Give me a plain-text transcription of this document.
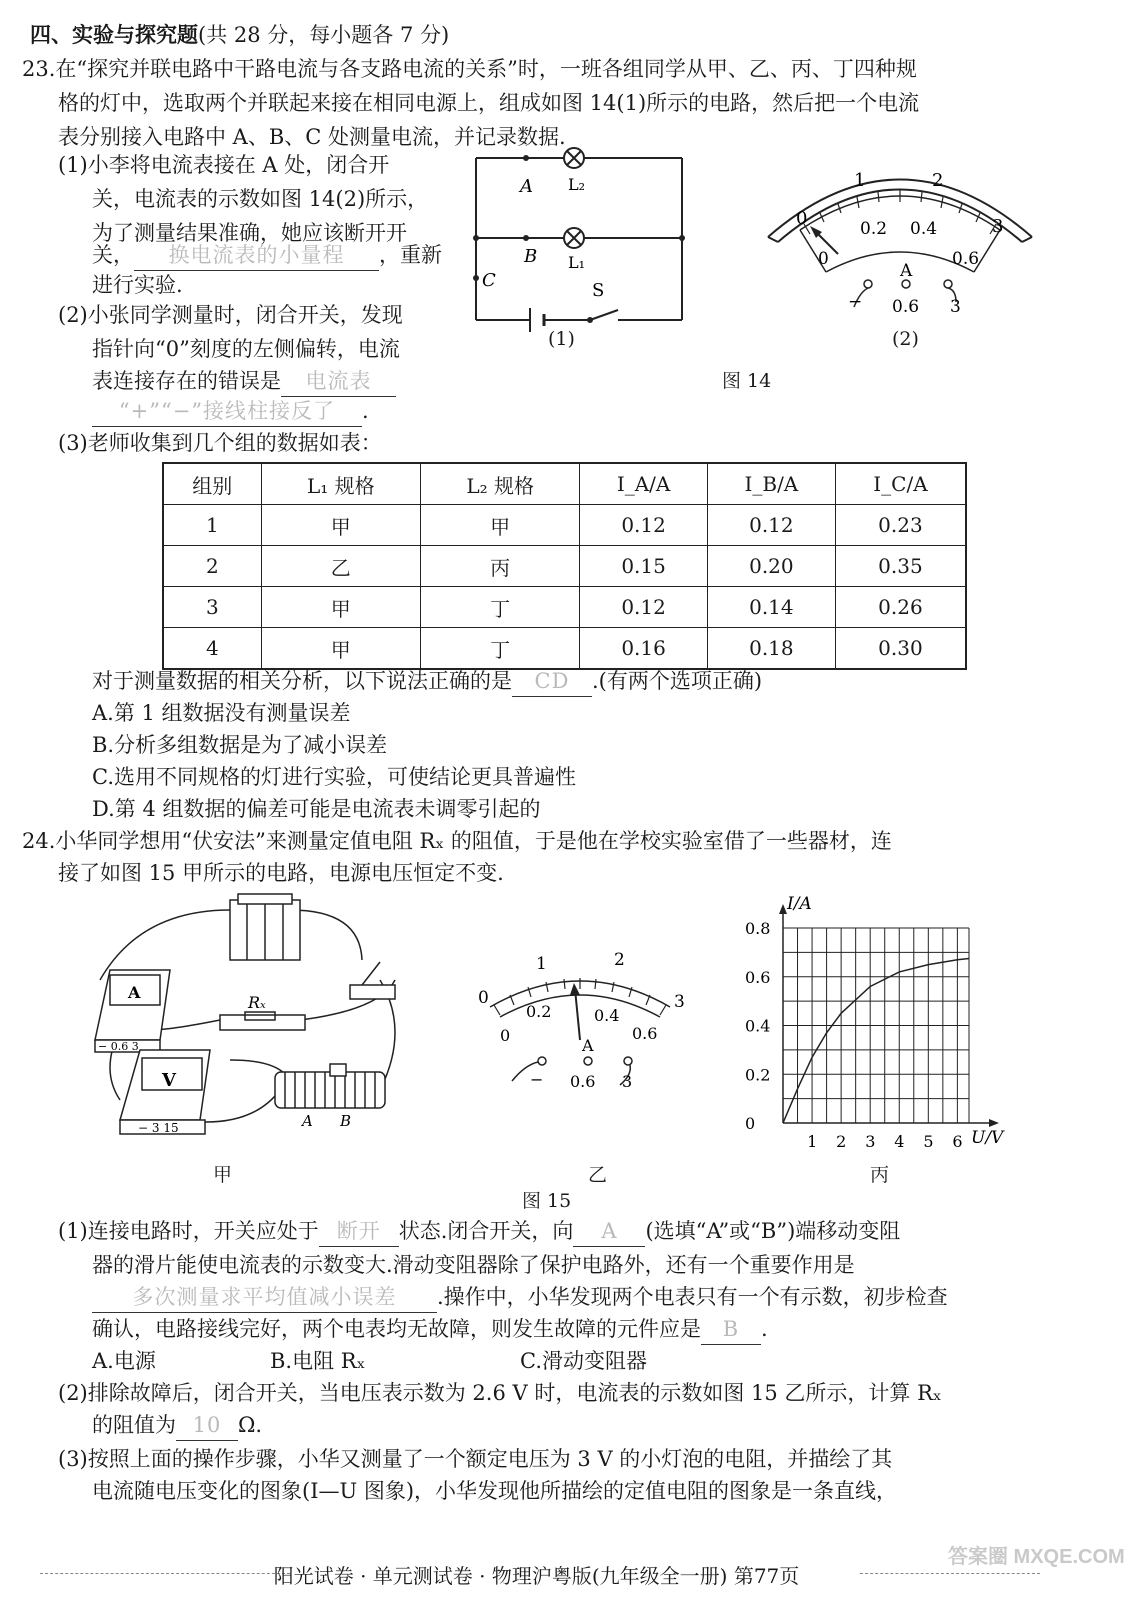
四、实验与探究题(共 28 分，每小题各 7 分)
23.在“探究并联电路中干路电流与各支路电流的关系”时，一班各组同学从甲、乙、丙、丁四种规
格的灯中，选取两个并联起来接在相同电源上，组成如图 14(1)所示的电路，然后把一个电流
表分别接入电路中 A、B、C 处测量电流，并记录数据.
(1)小李将电流表接在 A 处，闭合开
关，电流表的示数如图 14(2)所示，
为了测量结果准确，她应该断开开
关， 换电流表的小量程 ，重新
进行实验.
(2)小张同学测量时，闭合开关，发现
指针向“0”刻度的左侧偏转，电流
表连接存在的错误是 电流表
“+”“−”接线柱接反了 .
A L₂
B L₁
C	S
(1)
0
1	2
3
0
0.2 0.4
0.6
A
− 0.6 3
(2)
图 14
(3)老师收集到几个组的数据如表：
组别	L₁ 规格	L₂ 规格	I_A/A	I_B/A	I_C/A
1	甲	甲	0.12	0.12	0.23
2	乙	丙	0.15	0.20	0.35
3	甲	丁	0.12	0.14	0.26
4	甲	丁	0.16	0.18	0.30
对于测量数据的相关分析，以下说法正确的是 CD .(有两个选项正确)
A.第 1 组数据没有测量误差
B.分析多组数据是为了减小误差
C.选用不同规格的灯进行实验，可使结论更具普遍性
D.第 4 组数据的偏差可能是电流表未调零引起的
24.小华同学想用“伏安法”来测量定值电阻 Rₓ 的阻值，于是他在学校实验室借了一些器材，连
接了如图 15 甲所示的电路，电源电压恒定不变.
A
V
− 0.6 3
− 3 15
Rₓ
A B
0
1	2
3
0
0.2	0.4
0.6
A
− 0.6 3
1 2 3 4 5 6
0
0.2
0.4
0.6
0.8
I/A
U/V
甲	乙	丙
图 15
(1)连接电路时，开关应处于 断开 状态.闭合开关，向 A (选填“A”或“B”)端移动变阻
器的滑片能使电流表的示数变大.滑动变阻器除了保护电路外，还有一个重要作用是
多次测量求平均值减小误差 .操作中，小华发现两个电表只有一个有示数，初步检查
确认，电路接线完好，两个电表均无故障，则发生故障的元件应是 B .
A.电源	B.电阻 Rₓ	C.滑动变阻器
(2)排除故障后，闭合开关，当电压表示数为 2.6 V 时，电流表的示数如图 15 乙所示，计算 Rₓ
的阻值为 10 Ω.
(3)按照上面的操作步骤，小华又测量了一个额定电压为 3 V 的小灯泡的电阻，并描绘了其
电流随电压变化的图象(I—U 图象)，小华发现他所描绘的定值电阻的图象是一条直线，
阳光试卷 · 单元测试卷 · 物理沪粤版(九年级全一册) 第77页
答案圈 MXQE.COM
